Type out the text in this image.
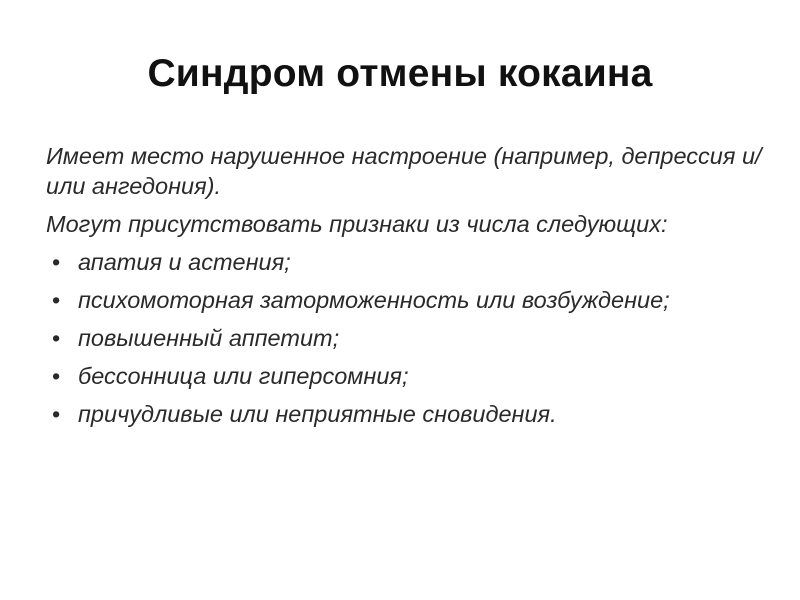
Синдром отмены кокаина
Имеет место нарушенное настроение (например, депрессия и/или ангедония).
Могут присутствовать признаки из числа следующих:
• апатия и астения;
• психомоторная заторможенность или возбуждение;
• повышенный аппетит;
• бессонница или гиперсомния;
• причудливые или неприятные сновидения.
